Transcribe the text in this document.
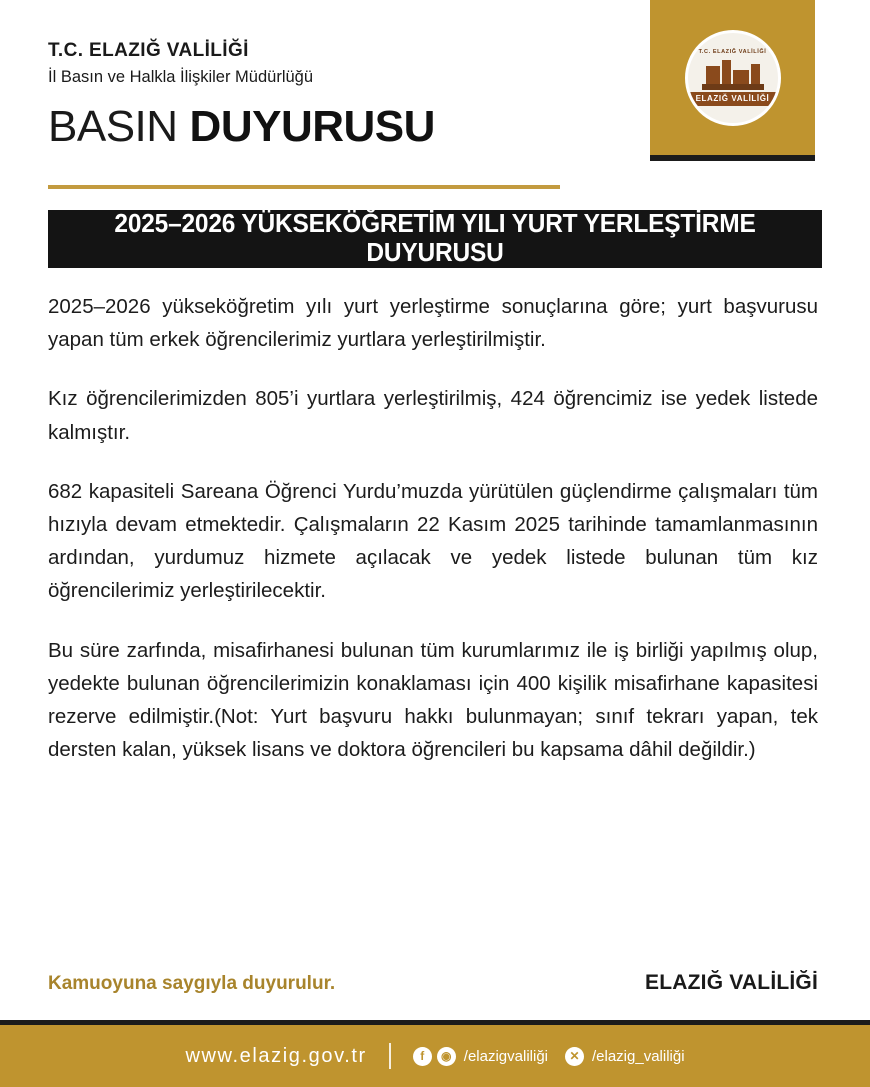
T.C. ELAZIĞ VALİLİĞİ

İl Basın ve Halkla İlişkiler Müdürlüğü

BASIN DUYURUSU
T.C. ELAZIĞ VALİLİĞİ
ELAZIĞ VALİLİĞİ
2025–2026 YÜKSEKÖĞRETİM YILI YURT YERLEŞTİRME DUYURUSU

2025–2026 yükseköğretim yılı yurt yerleştirme sonuçlarına göre; yurt başvurusu yapan tüm erkek öğrencilerimiz yurtlara yerleştirilmiştir.

Kız öğrencilerimizden 805’i yurtlara yerleştirilmiş, 424 öğrencimiz ise yedek listede kalmıştır.

682 kapasiteli Sareana Öğrenci Yurdu’muzda yürütülen güçlendirme çalışmaları tüm hızıyla devam etmektedir. Çalışmaların 22 Kasım 2025 tarihinde tamamlanmasının ardından, yurdumuz hizmete açılacak ve yedek listede bulunan tüm kız öğrencilerimiz yerleştirilecektir.

Bu süre zarfında, misafirhanesi bulunan tüm kurumlarımız ile iş birliği yapılmış olup, yedekte bulunan öğrencilerimizin konaklaması için 400 kişilik misafirhane kapasitesi rezerve edilmiştir.(Not: Yurt başvuru hakkı bulunmayan; sınıf tekrarı yapan, tek dersten kalan, yüksek lisans ve doktora öğrencileri bu kapsama dâhil değildir.)

Kamuoyuna saygıyla duyurulur.	ELAZIĞ VALİLİĞİ
www.elazig.gov.tr	f	◉ /elazigvaliliği	✕ /elazig_valiliği
